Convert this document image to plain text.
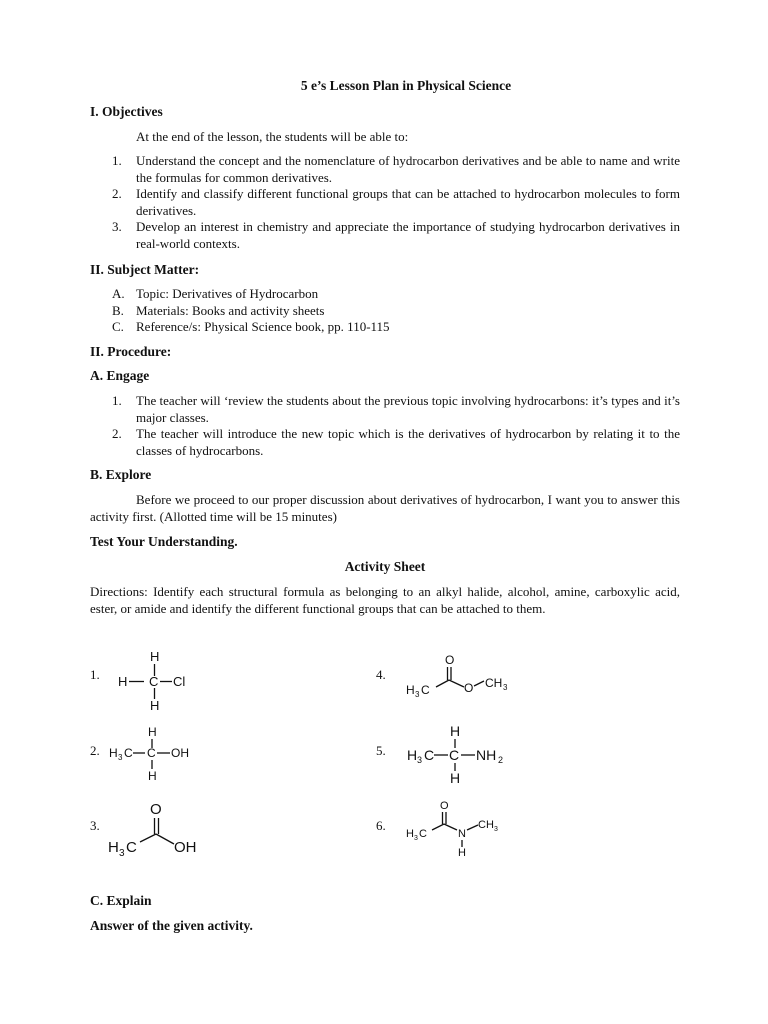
5 e’s Lesson Plan in Physical Science

I. Objectives

At the end of the lesson, the students will be able to:

1.	Understand the concept and the nomenclature of hydrocarbon derivatives and be able to name and write the formulas for common derivatives.
2.	Identify and classify different functional groups that can be attached to hydrocarbon molecules to form derivatives.
3.	Develop an interest in chemistry and appreciate the importance of studying hydrocarbon derivatives in real-world contexts.

II. Subject Matter:

A. Topic: Derivatives of Hydrocarbon
B. Materials: Books and activity sheets
C. Reference/s: Physical Science book, pp. 110-115

II. Procedure:

A. Engage

1.	The teacher will ‘review the students about the previous topic involving hydrocarbons: it’s types and it’s major classes.
2.	The teacher will introduce the new topic which is the derivatives of hydrocarbon by relating it to the classes of hydrocarbons.

B. Explore

Before we proceed to our proper discussion about derivatives of hydrocarbon, I want you to answer this activity first. (Allotted time will be 15 minutes)

Test Your Understanding.

Activity Sheet

Directions: Identify each structural formula as belonging to an alkyl halide, alcohol, amine, carboxylic acid, ester, or amide and identify the different functional groups that can be attached to them.

1.
2.
3.
4.
5.
6.
H
H C Cl
H
H
H 3 C C OH
H
O
H 3 C OH
O
H 3 C	O CH 3
H
H 3 C C NH 2
H
O
H 3 C	N
H
CH 3

C. Explain

Answer of the given activity.
